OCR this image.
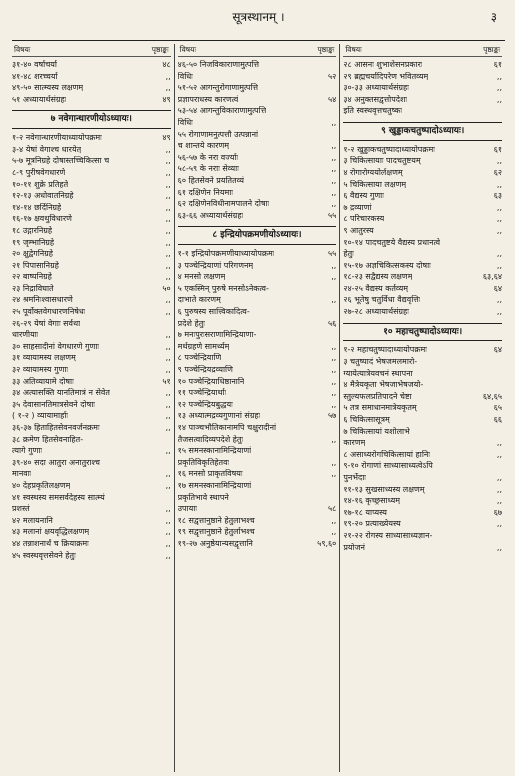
सूत्रस्थानम् ।	३
विषयः	पृष्ठाङ्कः
३१-४० वर्षाचर्या	४८
४१-४८ शरच्चर्या	,,
४९-५० सात्म्यस्य लक्षणम्	,,
५१ अध्यायार्थसंग्रहः	४९
७ नवेगान्धारणीयोऽध्यायः।
१-२ नवेगान्धारणीयाध्यायोपक्रमः	४९
३-४ येषां वेगाश्च धारयेत्	,,
५-७ मूत्रनिग्रहे दोषास्तच्चिकित्सा च	,,
८-९ पुरीषवेगधारणे	,,
१०-११ शुक्रे प्रतिहते	,,
१२-१३ अधोवातनिग्रहे	,,
१४-१४ छर्दिनिग्रहे	,,
१६-१७ क्षवथुविधारणे	,,
१८ उद्गारनिग्रहे	,,
१९ जृम्भानिग्रहे	,,
२० क्षुद्वेगनिग्रहे	,,
२१ पिपासानिग्रहे	,,
२२ बाष्पनिग्रहे	,,
२३ निद्राविघाते	५०
२४ श्रमनिःश्वासधारणे	,,
२५ पूर्वोक्तवेगधारणनिषेधः	,,
२६-२९ येषां वेगाः सर्वथा
धारणीयाः	,,
३० साहसादीनां वेगधारणे गुणाः	,,
३१ व्यायामस्य लक्षणम्	,,
३२ व्यायामस्य गुणाः	,,
३३ अतिव्यायामे दोषाः	५१
३४ अत्यासक्ति यानतिमात्रं न सेवेत	,,
३५ देवासानतिमात्रसेवने दोषाः	,,
( १-२ ) व्यायामार्हाः	,,
३६-३७ हिताहितसेवनवर्जनक्रमः	,,
३८ क्रमेण हितसेवनाहित-
त्यागे गुणाः	,,
३९-४० सदा आतुरा अनातुराश्च
मानवाः	,,
४० देहप्रकृतिलक्षणम्	,,
४१ स्वस्थस्य समसर्वदेहस्य सात्म्यं
प्रशस्तं	,,
४२ मलायनानि	,,
४३ मलानां क्षयवृद्धिलक्षणम्	,,
४४ तन्नाशनार्थं च क्रियाक्रमः	,,
४५ स्वस्थवृत्तसेवने हेतुः	,,
विषयः	पृष्ठाङ्कः
४६-५० निजविकाराणामुत्पत्ति
विधिः	५२
५१-५२ आगन्तुरोगाणामुत्पत्ति
प्रज्ञापराधस्य कारणत्वं	५४
५३-५४ आगन्तुविकाराणामुत्पत्ति
विधिः	,,
५५ रोगाणामनुत्पत्तौ उत्पन्नानां
च शान्तये कारणम्	,,
५६-५७ के नरा वर्ज्याः	,,
५८-५९ के नराः सेव्याः	,,
६० हितसेवने प्रयतितव्यं	,,
६१ दक्षिणेन नियमाः	,,
६२ दक्षिणेनविधीनामपालने दोषाः	,,
६३-६६ अध्यायार्थसंग्रहः	५५
८ इन्द्रियोपक्रमणीयोऽध्यायः।
१-१ इन्द्रियोपक्रमणीयाध्यायोपक्रमः	५५
३ पञ्चेन्द्रियाणां परिगणनम्	,,
४ मनसो लक्षणम्	,,
५ एकस्मिन् पुरुषे मनसोऽनेकत्व-
दाभाते कारणम्	,,
६ पुरुषस्य सात्त्विकादित्व-
प्रदेशे हेतुः	५६
७ मनःपुरःसराणामिन्द्रियाणा-
मर्थग्रहणे सामर्थ्यम्	,,
८ पञ्चेन्द्रियाणि	,,
९ पञ्चेन्द्रियद्रव्याणि	,,
१० पञ्चेन्द्रियाधिष्ठानानि	,,
११ पञ्चेन्द्रियार्थाः	,,
१२ पञ्चेन्द्रियबुद्धयः	,,
१३ अध्यात्मद्रव्यगुणानां संग्रहः	५७
१४ पाञ्चभौतिकानामपि चक्षुरादीनां
तैजसत्वादिव्यपदेशे हेतुः	,,
१५ समनस्कानामिन्द्रियाणां
प्रकृतिविकृतिहेतवः	,,
१६ मनसो प्राकृतविषयः	,,
१७ समनस्कानामिन्द्रियाणां
प्रकृतिभावे स्थापने
उपायाः	५८
१८ सद्वृत्तानुष्ठाने हेतुलाभश्च	,,
१९ सद्वृत्तानुष्ठाने हेतुर्लाभश्च	,,
१९-२७ अनुष्ठेयान्यसद्वृत्तानि	५९,६०
विषयः	पृष्ठाङ्कः
२८ आसनः शुभाशेसनप्रकारः	६१
२९ ब्रह्मचर्यादिपरेण भवितव्यम्	,,
३०-३३ अध्यायार्थसंग्रहः	,,
३४ अनुक्तसद्वृत्तोपदेशः	,,
इति स्वस्थवृत्तचतुष्कः
९ खुड्डाकचतुष्पादोऽध्यायः।
१-२ खुड्डाकचतुष्पादाध्यायोपक्रमः	६१
३ चिकित्सायाः पादचतुष्टयम्	,,
४ रोगारोग्ययोर्लक्षणम्	६२
५ चिकित्साया लक्षणम्	,,
६ वैद्यस्य गुणाः	६३
७ द्रव्याणां	,,
८ परिचारकस्य	,,
९ आतुरस्य	,,
१०-१४ पादचतुष्टये वैद्यस्य प्रधानत्वे
हेतुः	,,
१५-१७ अज्ञचिकित्सकस्य दोषाः	,,
१८-२३ सद्वैद्यस्य लक्षणम्	६३,६४
२४-२५ वैद्यस्य कर्तव्यम्	६४
२६ भूतेषु चतुर्विधा वैद्यवृत्तिः	,,
२७-२८ अध्यायार्थसंग्रहः	,,
१० महाचतुष्पादोऽध्यायः।
१-२ महाचतुष्पादाध्यायोपक्रमः	६४
३ चतुष्पादं भेषजमलमारो-
ग्यायेत्यात्रेयवचनं स्थापना
४ मैत्रेयकृता भेषजाभेषजयो-
स्तुल्यफलप्रतिपादने चेष्टा	६४,६५
५ तत्र समाधानमात्रेयकृतम्	६५
६ चिकित्सासूत्रम्	६६
७ चिकित्सायां यशोलाभे
कारणम्	,,
८ असाध्यरोगचिकित्सायां हानिः	,,
९-१० रोगाणां साध्यासाध्यत्वेऽपि
पुनर्भेदाः	,,
११-१३ सुखसाध्यस्य लक्षणम्	,,
१४-१६ कृच्छ्रसाध्यम्	,,
१७-१८ याप्यस्य	६७
१९-२० प्रत्याख्येयस्य	,,
२१-२२ रोगस्य साध्यासाध्यज्ञान-
प्रयोजनं	,,
